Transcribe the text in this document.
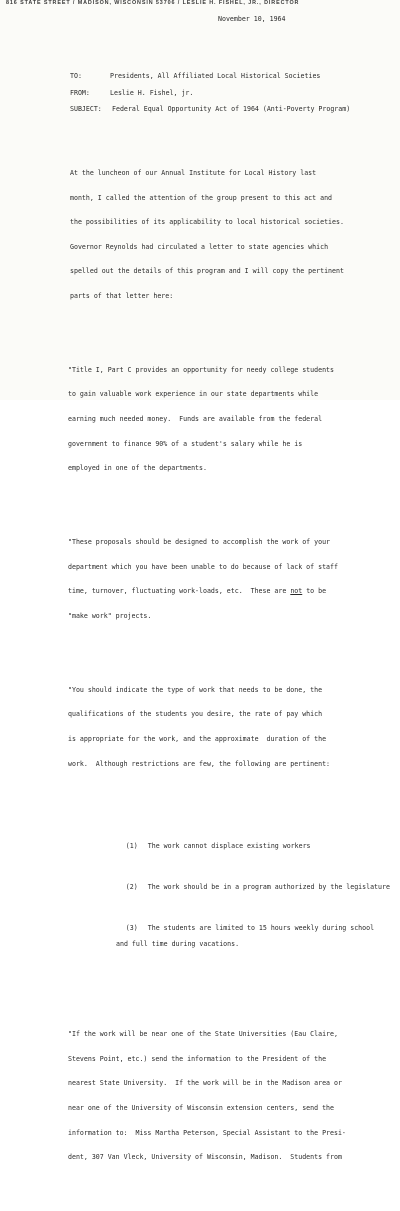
816 STATE STREET / MADISON, WISCONSIN 53706 / LESLIE H. FISHEL, JR., DIRECTOR
November 10, 1964
TO:	Presidents, All Affiliated Local Historical Societies
FROM:	Leslie H. Fishel, jr.
SUBJECT: Federal Equal Opportunity Act of 1964 (Anti-Poverty Program)

At the luncheon of our Annual Institute for Local History last

month, I called the attention of the group present to this act and

the possibilities of its applicability to local historical societies.

Governor Reynolds had circulated a letter to state agencies which

spelled out the details of this program and I will copy the pertinent

parts of that letter here:

"Title I, Part C provides an opportunity for needy college students

to gain valuable work experience in our state departments while

earning much needed money.  Funds are available from the federal

government to finance 90% of a student's salary while he is

employed in one of the departments.

"These proposals should be designed to accomplish the work of your

department which you have been unable to do because of lack of staff

time, turnover, fluctuating work-loads, etc.  These are not to be

"make work" projects.

"You should indicate the type of work that needs to be done, the

qualifications of the students you desire, the rate of pay which

is appropriate for the work, and the approximate  duration of the

work.  Although restrictions are few, the following are pertinent:

(1) The work cannot displace existing workers

(2) The work should be in a program authorized by the legislature

(3) The students are limited to 15 hours weekly during school

and full time during vacations.

"If the work will be near one of the State Universities (Eau Claire,

Stevens Point, etc.) send the information to the President of the

nearest State University.  If the work will be in the Madison area or

near one of the University of Wisconsin extension centers, send the

information to:  Miss Martha Peterson, Special Assistant to the Presi-

dent, 307 Van Vleck, University of Wisconsin, Madison.  Students from
